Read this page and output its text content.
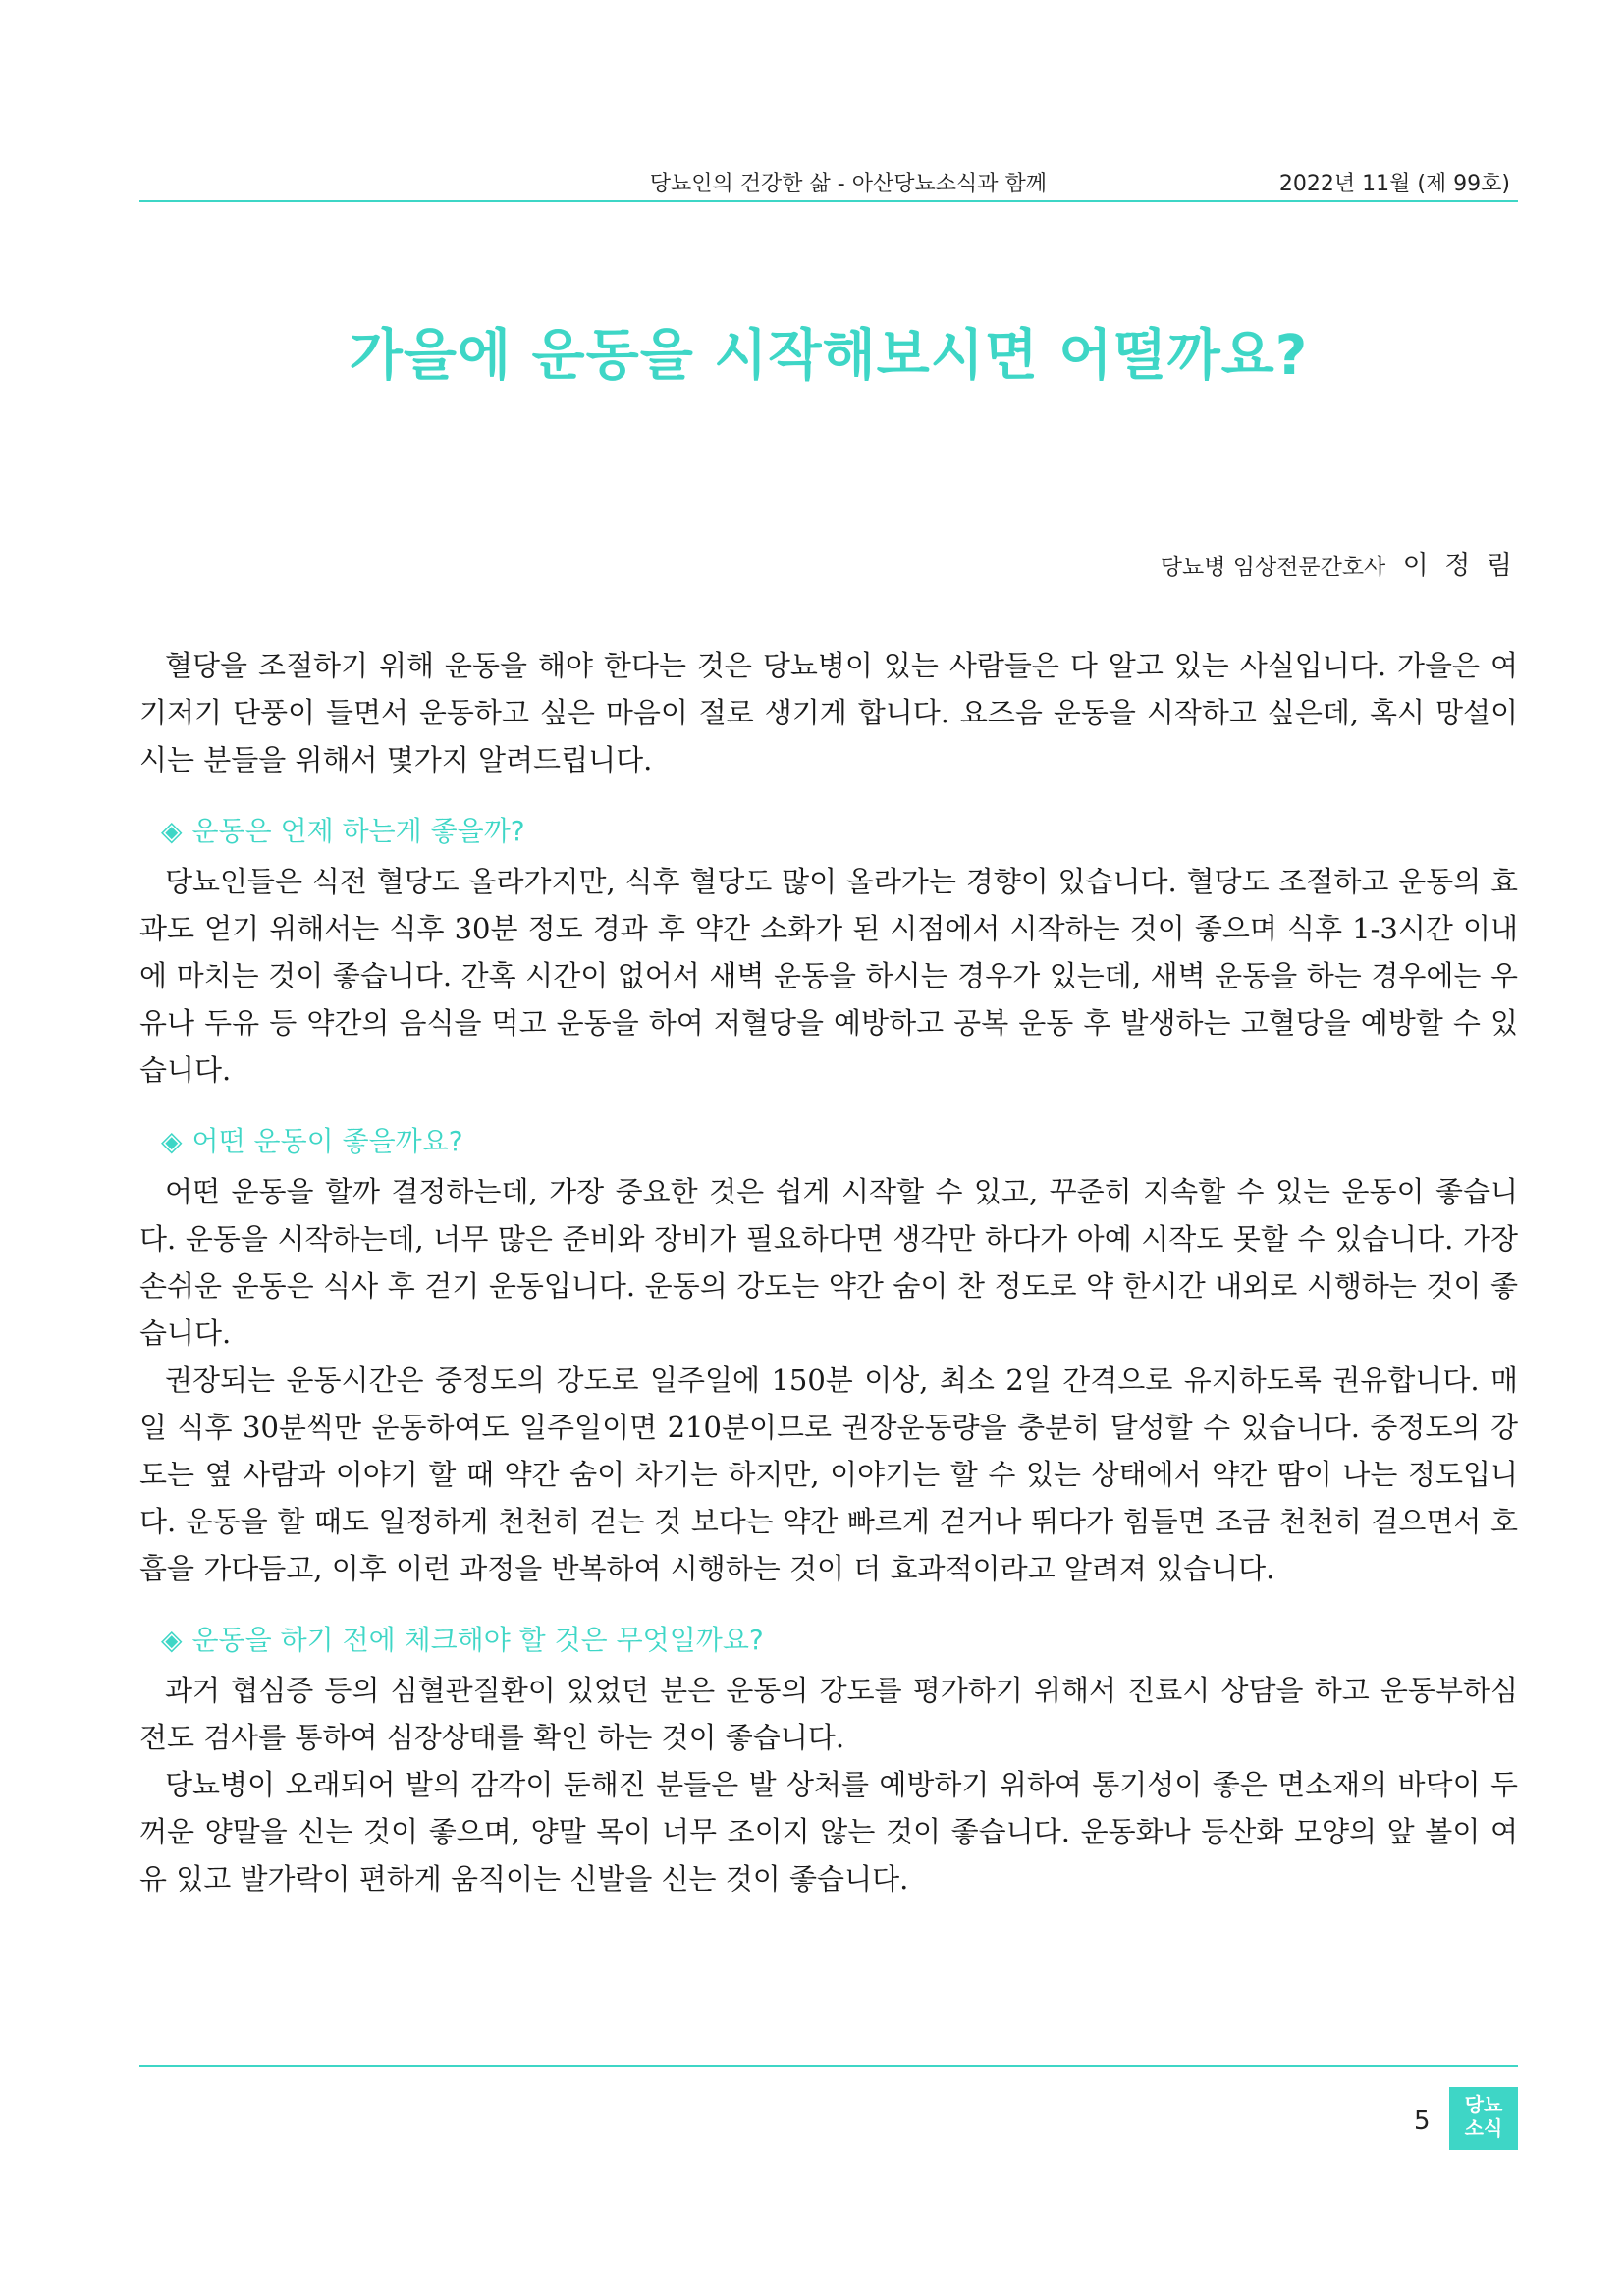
당뇨인의 건강한 삶 - 아산당뇨소식과 함께	2022년 11월 (제 99호)
가을에 운동을 시작해보시면 어떨까요?
당뇨병 임상전문간호사 이 정 림

혈당을 조절하기 위해 운동을 해야 한다는 것은 당뇨병이 있는 사람들은 다 알고 있는 사실입니다. 가을은 여기저기 단풍이 들면서 운동하고 싶은 마음이 절로 생기게 합니다. 요즈음 운동을 시작하고 싶은데, 혹시 망설이시는 분들을 위해서 몇가지 알려드립니다.

◈ 운동은 언제 하는게 좋을까?

당뇨인들은 식전 혈당도 올라가지만, 식후 혈당도 많이 올라가는 경향이 있습니다. 혈당도 조절하고 운동의 효과도 얻기 위해서는 식후 30분 정도 경과 후 약간 소화가 된 시점에서 시작하는 것이 좋으며 식후 1-3시간 이내에 마치는 것이 좋습니다. 간혹 시간이 없어서 새벽 운동을 하시는 경우가 있는데, 새벽 운동을 하는 경우에는 우유나 두유 등 약간의 음식을 먹고 운동을 하여 저혈당을 예방하고 공복 운동 후 발생하는 고혈당을 예방할 수 있습니다.

◈ 어떤 운동이 좋을까요?

어떤 운동을 할까 결정하는데, 가장 중요한 것은 쉽게 시작할 수 있고, 꾸준히 지속할 수 있는 운동이 좋습니다. 운동을 시작하는데, 너무 많은 준비와 장비가 필요하다면 생각만 하다가 아예 시작도 못할 수 있습니다. 가장 손쉬운 운동은 식사 후 걷기 운동입니다. 운동의 강도는 약간 숨이 찬 정도로 약 한시간 내외로 시행하는 것이 좋습니다.

권장되는 운동시간은 중정도의 강도로 일주일에 150분 이상, 최소 2일 간격으로 유지하도록 권유합니다. 매일 식후 30분씩만 운동하여도 일주일이면 210분이므로 권장운동량을 충분히 달성할 수 있습니다. 중정도의 강도는 옆 사람과 이야기 할 때 약간 숨이 차기는 하지만, 이야기는 할 수 있는 상태에서 약간 땀이 나는 정도입니다. 운동을 할 때도 일정하게 천천히 걷는 것 보다는 약간 빠르게 걷거나 뛰다가 힘들면 조금 천천히 걸으면서 호흡을 가다듬고, 이후 이런 과정을 반복하여 시행하는 것이 더 효과적이라고 알려져 있습니다.

◈ 운동을 하기 전에 체크해야 할 것은 무엇일까요?

과거 협심증 등의 심혈관질환이 있었던 분은 운동의 강도를 평가하기 위해서 진료시 상담을 하고 운동부하심전도 검사를 통하여 심장상태를 확인 하는 것이 좋습니다.

당뇨병이 오래되어 발의 감각이 둔해진 분들은 발 상처를 예방하기 위하여 통기성이 좋은 면소재의 바닥이 두꺼운 양말을 신는 것이 좋으며, 양말 목이 너무 조이지 않는 것이 좋습니다. 운동화나 등산화 모양의 앞 볼이 여유 있고 발가락이 편하게 움직이는 신발을 신는 것이 좋습니다.

5
당뇨
소식
